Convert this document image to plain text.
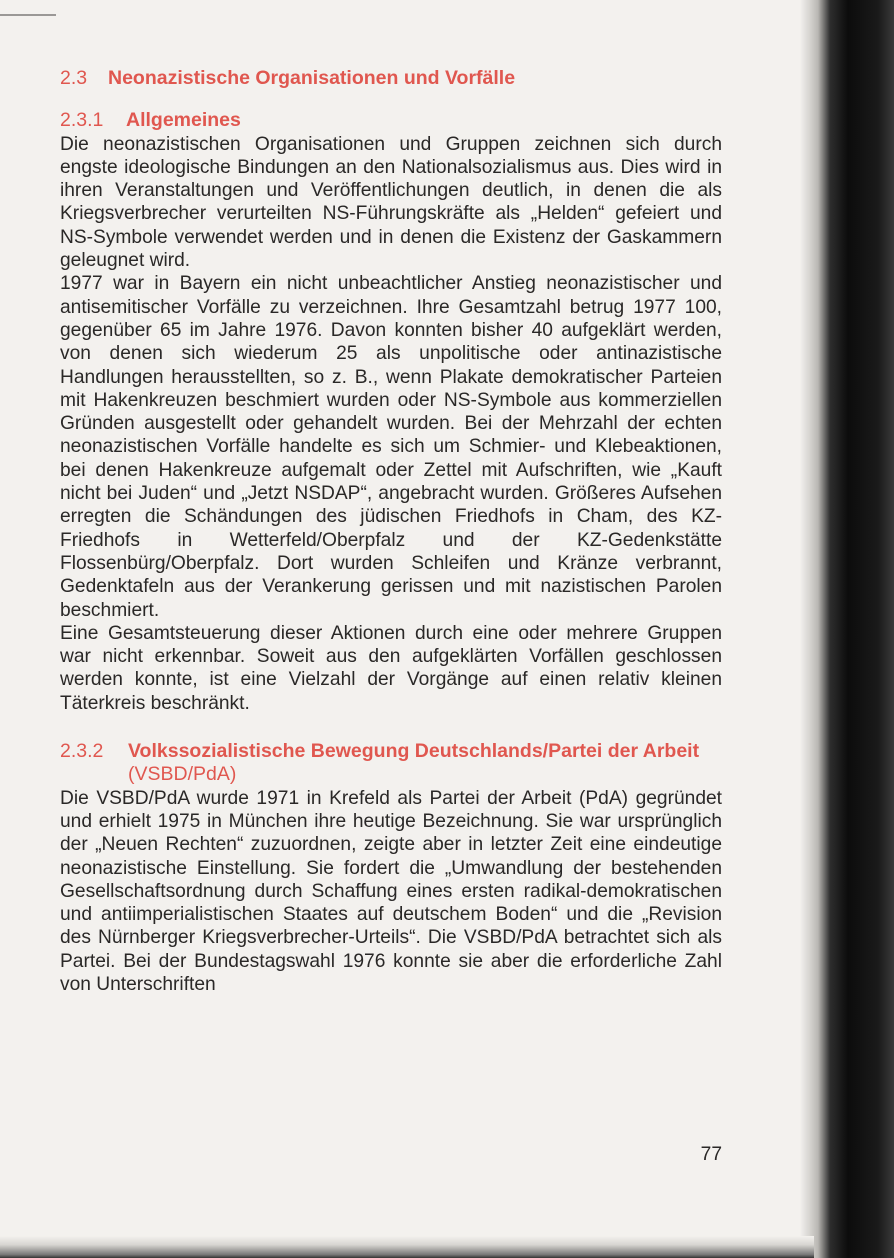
2.3	Neonazistische Organisationen und Vorfälle
2.3.1	Allgemeines

Die neonazistischen Organisationen und Gruppen zeichnen sich durch engste ideologische Bindungen an den Nationalsozialismus aus. Dies wird in ihren Veranstaltungen und Veröffentlichungen deutlich, in denen die als Kriegsverbrecher verurteilten NS-Führungskräfte als „Helden“ gefeiert und NS-Symbole verwendet werden und in denen die Existenz der Gaskammern geleugnet wird.

1977 war in Bayern ein nicht unbeachtlicher Anstieg neonazistischer und antisemitischer Vorfälle zu verzeichnen. Ihre Gesamtzahl betrug 1977 100, gegenüber 65 im Jahre 1976. Davon konnten bisher 40 aufgeklärt werden, von denen sich wiederum 25 als unpolitische oder antinazistische Handlungen herausstellten, so z. B., wenn Plakate demokratischer Parteien mit Hakenkreuzen beschmiert wurden oder NS-Symbole aus kommerziellen Gründen ausgestellt oder gehandelt wurden. Bei der Mehrzahl der echten neonazistischen Vorfälle handelte es sich um Schmier- und Klebeaktionen, bei denen Hakenkreuze aufgemalt oder Zettel mit Aufschriften, wie „Kauft nicht bei Juden“ und „Jetzt NSDAP“, angebracht wurden. Größeres Aufsehen erregten die Schändungen des jüdischen Friedhofs in Cham, des KZ-Friedhofs in Wetterfeld/Oberpfalz und der KZ-Gedenkstätte Flossenbürg/Oberpfalz. Dort wurden Schleifen und Kränze verbrannt, Gedenktafeln aus der Verankerung gerissen und mit nazistischen Parolen beschmiert.

Eine Gesamtsteuerung dieser Aktionen durch eine oder mehrere Gruppen war nicht erkennbar. Soweit aus den aufgeklärten Vorfällen geschlossen werden konnte, ist eine Vielzahl der Vorgänge auf einen relativ kleinen Täterkreis beschränkt.

2.3.2	Volkssozialistische Bewegung Deutschlands/Partei der Arbeit (VSBD/PdA)

Die VSBD/PdA wurde 1971 in Krefeld als Partei der Arbeit (PdA) gegründet und erhielt 1975 in München ihre heutige Bezeichnung. Sie war ursprünglich der „Neuen Rechten“ zuzuordnen, zeigte aber in letzter Zeit eine eindeutige neonazistische Einstellung. Sie fordert die „Umwandlung der bestehenden Gesellschaftsordnung durch Schaffung eines ersten radikal-demokratischen und antiimperialistischen Staates auf deutschem Boden“ und die „Revision des Nürnberger Kriegsverbrecher-Urteils“. Die VSBD/PdA betrachtet sich als Partei. Bei der Bundestagswahl 1976 konnte sie aber die erforderliche Zahl von Unterschriften

77
